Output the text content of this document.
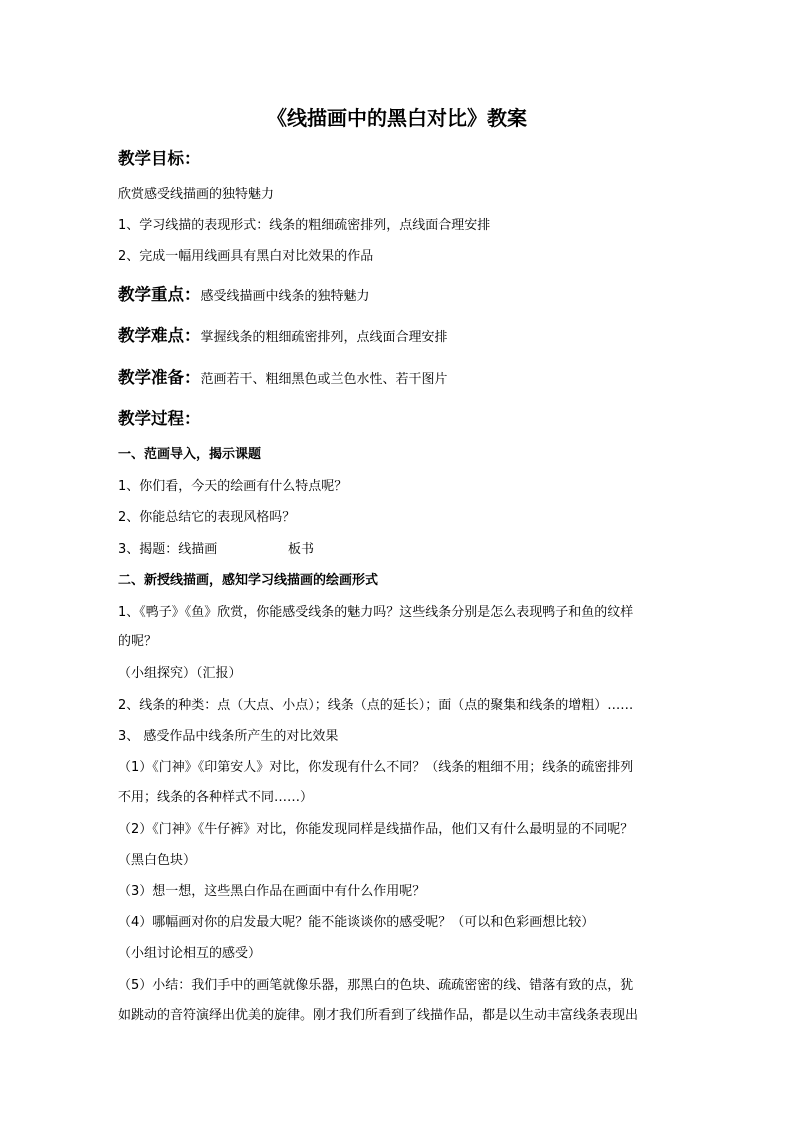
《线描画中的黑白对比》教案
教学目标：
欣赏感受线描画的独特魅力
1、学习线描的表现形式：线条的粗细疏密排列，点线面合理安排
2、完成一幅用线画具有黑白对比效果的作品
教学重点：感受线描画中线条的独特魅力
教学难点：掌握线条的粗细疏密排列，点线面合理安排
教学准备：范画若干、粗细黑色或兰色水性、若干图片
教学过程：
一、范画导入，揭示课题
1、你们看，今天的绘画有什么特点呢？
2、你能总结它的表现风格吗？
3、揭题：线描画	板书
二、新授线描画，感知学习线描画的绘画形式
1、《鸭子》《鱼》欣赏，你能感受线条的魅力吗？这些线条分别是怎么表现鸭子和鱼的纹样
的呢？
（小组探究）（汇报）
2、线条的种类：点（大点、小点）；线条（点的延长）；面（点的聚集和线条的增粗）……
3、 感受作品中线条所产生的对比效果
（1）《门神》《印第安人》对比，你发现有什么不同？（线条的粗细不用；线条的疏密排列
不用；线条的各种样式不同……）
（2）《门神》《牛仔裤》对比，你能发现同样是线描作品，他们又有什么最明显的不同呢？
（黑白色块）
（3）想一想，这些黑白作品在画面中有什么作用呢？
（4）哪幅画对你的启发最大呢？能不能谈谈你的感受呢？（可以和色彩画想比较）
（小组讨论相互的感受）
（5）小结：我们手中的画笔就像乐器，那黑白的色块、疏疏密密的线、错落有致的点，犹
如跳动的音符演绎出优美的旋律。刚才我们所看到了线描作品，都是以生动丰富线条表现出
